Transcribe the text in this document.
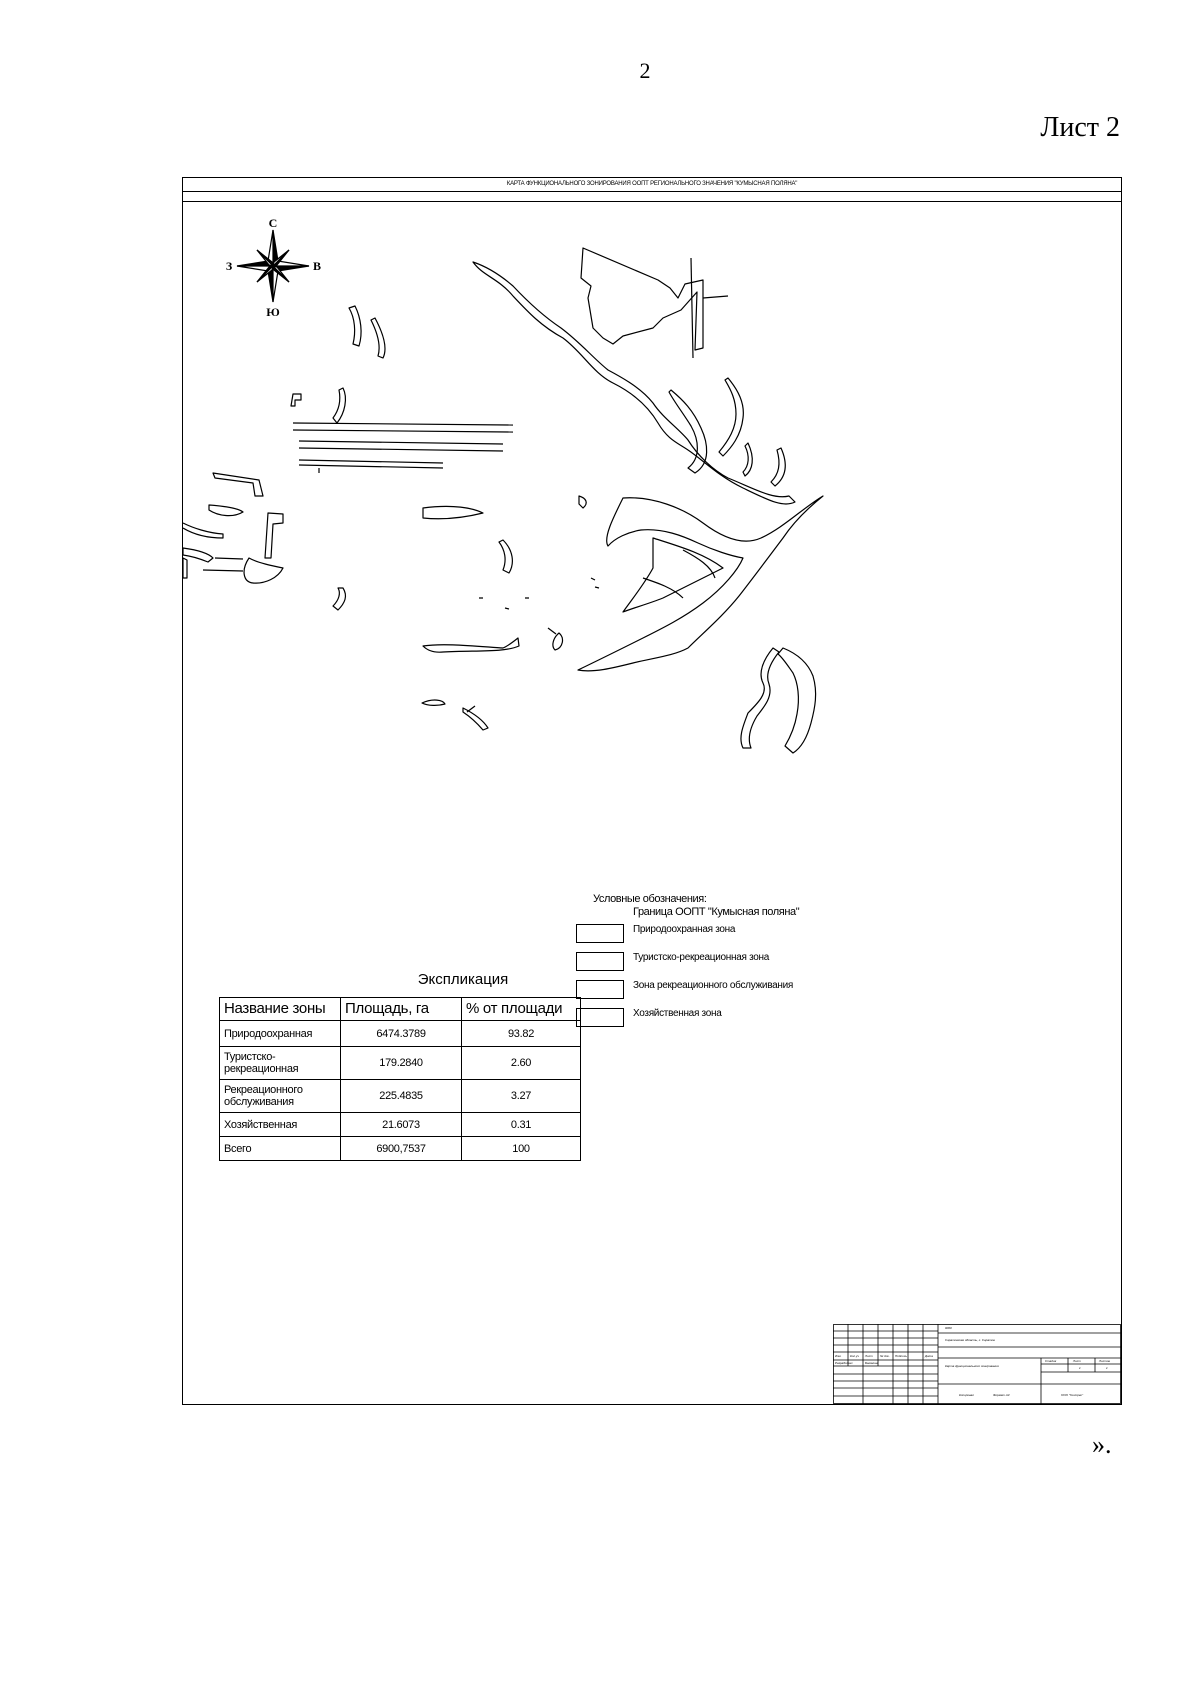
2
Лист 2
КАРТА ФУНКЦИОНАЛЬНОГО ЗОНИРОВАНИЯ ООПТ РЕГИОНАЛЬНОГО ЗНАЧЕНИЯ "КУМЫСНАЯ ПОЛЯНА"
С
Ю
З	В
Условные обозначения:
Граница ООПТ "Кумысная поляна"
Природоохранная зона
Туристско-рекреационная зона
Зона рекреационного обслуживания
Хозяйственная зона
Экспликация
Название зоны	Площадь, га	% от площади
Природоохранная	6474.3789	93.82
Туристско-рекреационная	179.2840	2.60
Рекреационного обслуживания	225.4835	3.27
Хозяйственная	21.6073	0.31
Всего	6900,7537	100
0000
Саратовская область, г. Саратов
Изм.	Кол.уч Лист № док. Подпись	Дата
Разработал	Балакина
Карта функционального зонирования
Стадия	Лист	Листов
1	1
Копировал	Формат А3	ООО "Геотрек"
».
